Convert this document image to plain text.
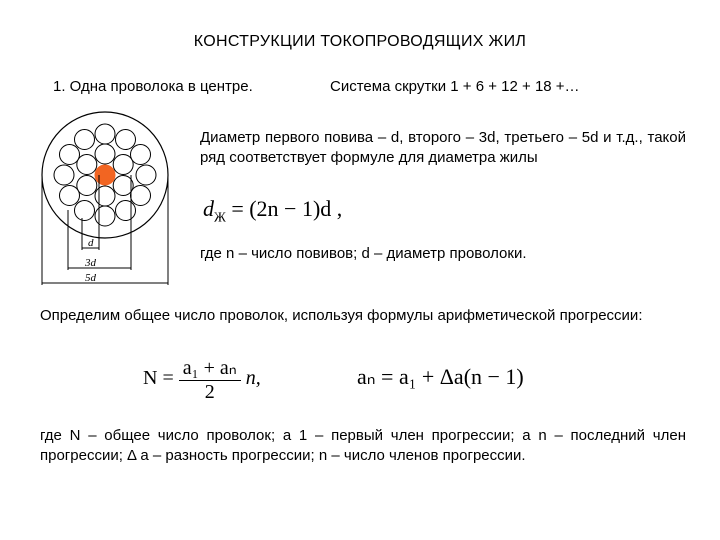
КОНСТРУКЦИИ ТОКОПРОВОДЯЩИХ ЖИЛ
1. Одна проволока в центре.	Система скрутки 1 + 6 + 12 + 18 +…
d
3d
5d
Диаметр первого повива – d, второго – 3d, третьего – 5d и т.д., такой ряд соответствует формуле для диаметра жилы
$d_Ж = (2n - 1)d$ ,
где n – число повивов; d – диаметр проволоки.
Определим общее число проволок, используя формулы арифметической прогрессии:
$N = \frac{\text{a₁ + aₙ}}{2} n$,	aₙ = a₁ + Δa(n − 1)
где N – общее число проволок; a 1 – первый член прогрессии; a n – последний член прогрессии; Δ a – разность прогрессии; n – число членов прогрессии.
